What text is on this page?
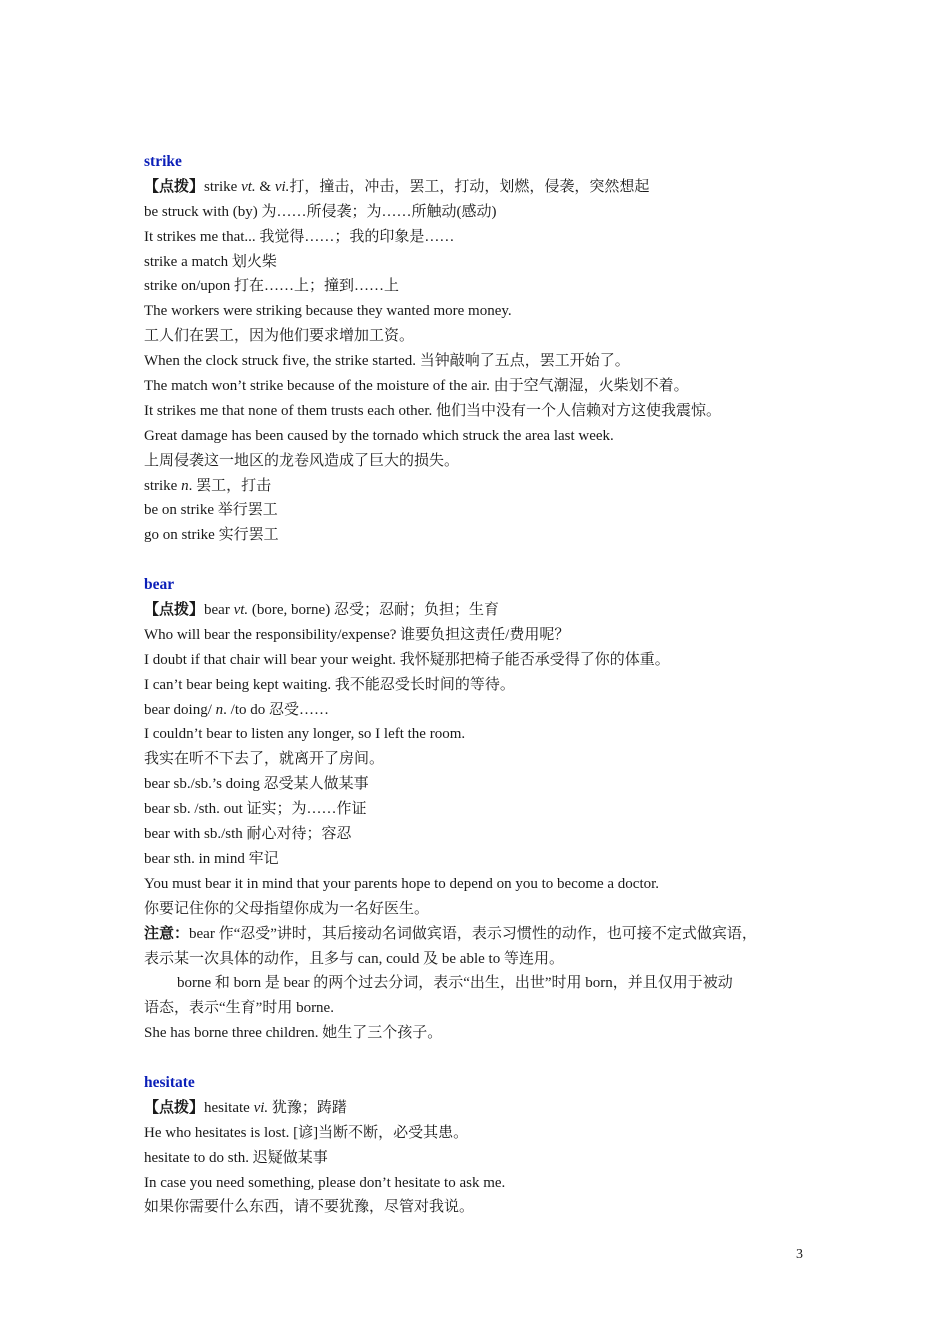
strike
【点拨】strike vt. & vi.打，撞击，冲击，罢工，打动，划燃，侵袭，突然想起
be struck with (by) 为……所侵袭；为……所触动(感动)
It strikes me that... 我觉得……；我的印象是……
strike a match 划火柴
strike on/upon 打在……上；撞到……上
The workers were striking because they wanted more money.
工人们在罢工，因为他们要求增加工资。
When the clock struck five, the strike started. 当钟敲响了五点，罢工开始了。
The match won’t strike because of the moisture of the air. 由于空气潮湿，火柴划不着。
It strikes me that none of them trusts each other. 他们当中没有一个人信赖对方这使我震惊。
Great damage has been caused by the tornado which struck the area last week.
上周侵袭这一地区的龙卷风造成了巨大的损失。
strike n. 罢工，打击
be on strike 举行罢工
go on strike 实行罢工
bear
【点拨】bear vt. (bore, borne) 忍受；忍耐；负担；生育
Who will bear the responsibility/expense? 谁要负担这责任/费用呢？
I doubt if that chair will bear your weight. 我怀疑那把椅子能否承受得了你的体重。
I can’t bear being kept waiting. 我不能忍受长时间的等待。
bear doing/ n. /to do 忍受……
I couldn’t bear to listen any longer, so I left the room.
我实在听不下去了，就离开了房间。
bear sb./sb.’s doing 忍受某人做某事
bear sb. /sth. out 证实；为……作证
bear with sb./sth 耐心对待；容忍
bear sth. in mind 牢记
You must bear it in mind that your parents hope to depend on you to become a doctor.
你要记住你的父母指望你成为一名好医生。
注意：bear 作“忍受”讲时，其后接动名词做宾语，表示习惯性的动作，也可接不定式做宾语，
表示某一次具体的动作，且多与 can, could 及 be able to 等连用。
borne 和 born 是 bear 的两个过去分词，表示“出生，出世”时用 born，并且仅用于被动
语态，表示“生育”时用 borne.
She has borne three children. 她生了三个孩子。
hesitate
【点拨】hesitate vi. 犹豫；踌躇
He who hesitates is lost. [谚]当断不断，必受其患。
hesitate to do sth. 迟疑做某事
In case you need something, please don’t hesitate to ask me.
如果你需要什么东西，请不要犹豫，尽管对我说。
3
